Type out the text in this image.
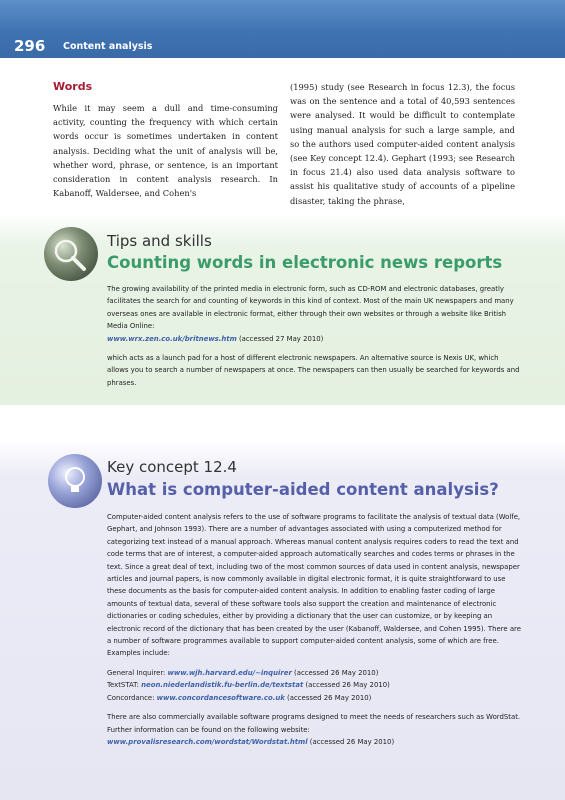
296 Content analysis
Words

While it may seem a dull and time-consuming activity, counting the frequency with which certain words occur is sometimes undertaken in content analysis. Deciding what the unit of analysis will be, whether word, phrase, or sentence, is an important consideration in content analysis research. In Kabanoff, Waldersee, and Cohen's

(1995) study (see Research in focus 12.3), the focus was on the sentence and a total of 40,593 sentences were analysed. It would be difficult to contemplate using manual analysis for such a large sample, and so the authors used computer-aided content analysis (see Key concept 12.4). Gephart (1993; see Research in focus 21.4) also used data analysis software to assist his qualitative study of accounts of a pipeline disaster, taking the phrase,

Tips and skills
Counting words in electronic news reports

The growing availability of the printed media in electronic form, such as CD-ROM and electronic databases, greatly facilitates the search for and counting of keywords in this kind of context. Most of the main UK newspapers and many overseas ones are available in electronic format, either through their own websites or through a website like British Media Online:
www.wrx.zen.co.uk/britnews.htm (accessed 27 May 2010)

which acts as a launch pad for a host of different electronic newspapers. An alternative source is Nexis UK, which allows you to search a number of newspapers at once. The newspapers can then usually be searched for keywords and phrases.

Key concept 12.4
What is computer-aided content analysis?

Computer-aided content analysis refers to the use of software programs to facilitate the analysis of textual data (Wolfe, Gephart, and Johnson 1993). There are a number of advantages associated with using a computerized method for categorizing text instead of a manual approach. Whereas manual content analysis requires coders to read the text and code terms that are of interest, a computer-aided approach automatically searches and codes terms or phrases in the text. Since a great deal of text, including two of the most common sources of data used in content analysis, newspaper articles and journal papers, is now commonly available in digital electronic format, it is quite straightforward to use these documents as the basis for computer-aided content analysis. In addition to enabling faster coding of large amounts of textual data, several of these software tools also support the creation and maintenance of electronic dictionaries or coding schedules, either by providing a dictionary that the user can customize, or by keeping an electronic record of the dictionary that has been created by the user (Kabanoff, Waldersee, and Cohen 1995). There are a number of software programmes available to support computer-aided content analysis, some of which are free. Examples include:

General Inquirer: www.wjh.harvard.edu/~inquirer (accessed 26 May 2010)
TextSTAT: neon.niederlandistik.fu-berlin.de/textstat (accessed 26 May 2010)
Concordance: www.concordancesoftware.co.uk (accessed 26 May 2010)

There are also commercially available software programs designed to meet the needs of researchers such as WordStat. Further information can be found on the following website:
www.provalisresearch.com/wordstat/Wordstat.html (accessed 26 May 2010)
